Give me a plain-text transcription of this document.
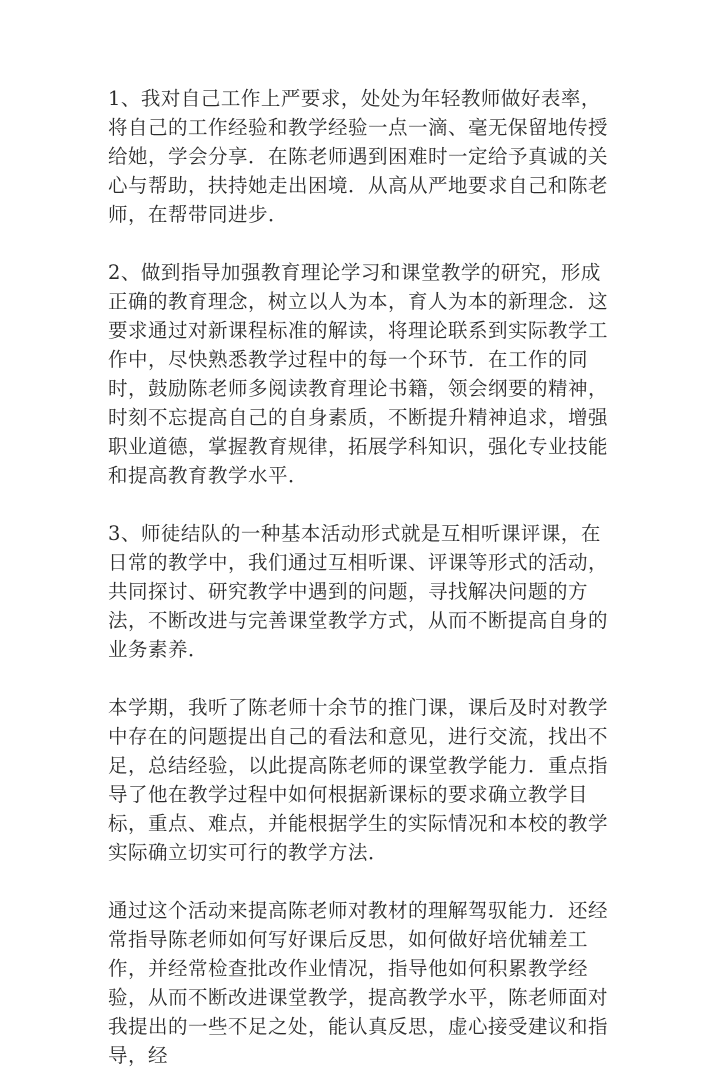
1、我对自己工作上严要求，处处为年轻教师做好表率，将自己的工作经验和教学经验一点一滴、毫无保留地传授给她，学会分享．在陈老师遇到困难时一定给予真诚的关心与帮助，扶持她走出困境．从高从严地要求自己和陈老师，在帮带同进步．

2、做到指导加强教育理论学习和课堂教学的研究，形成正确的教育理念，树立以人为本，育人为本的新理念．这要求通过对新课程标准的解读，将理论联系到实际教学工作中，尽快熟悉教学过程中的每一个环节．在工作的同时，鼓励陈老师多阅读教育理论书籍，领会纲要的精神，时刻不忘提高自己的自身素质，不断提升精神追求，增强职业道德，掌握教育规律，拓展学科知识，强化专业技能和提高教育教学水平．

3、师徒结队的一种基本活动形式就是互相听课评课，在日常的教学中，我们通过互相听课、评课等形式的活动，共同探讨、研究教学中遇到的问题，寻找解决问题的方法，不断改进与完善课堂教学方式，从而不断提高自身的业务素养．

本学期，我听了陈老师十余节的推门课，课后及时对教学中存在的问题提出自己的看法和意见，进行交流，找出不足，总结经验，以此提高陈老师的课堂教学能力．重点指导了他在教学过程中如何根据新课标的要求确立教学目标，重点、难点，并能根据学生的实际情况和本校的教学实际确立切实可行的教学方法．

通过这个活动来提高陈老师对教材的理解驾驭能力．还经常指导陈老师如何写好课后反思，如何做好培优辅差工作，并经常检查批改作业情况，指导他如何积累教学经验，从而不断改进课堂教学，提高教学水平，陈老师面对我提出的一些不足之处，能认真反思，虚心接受建议和指导，经
